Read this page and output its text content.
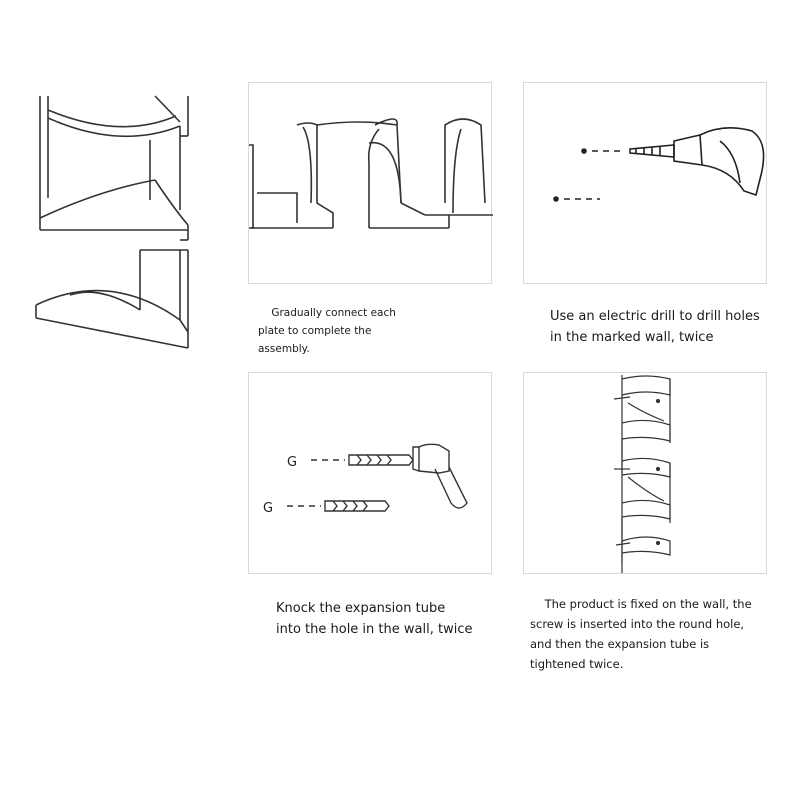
Gradually connect each
plate to complete the
assembly.
Use an electric drill to drill holes
in the marked wall, twice
G
G
Knock the expansion tube
into the hole in the wall, twice
The product is fixed on the wall, the
screw is inserted into the round hole,
and then the expansion tube is
tightened twice.
